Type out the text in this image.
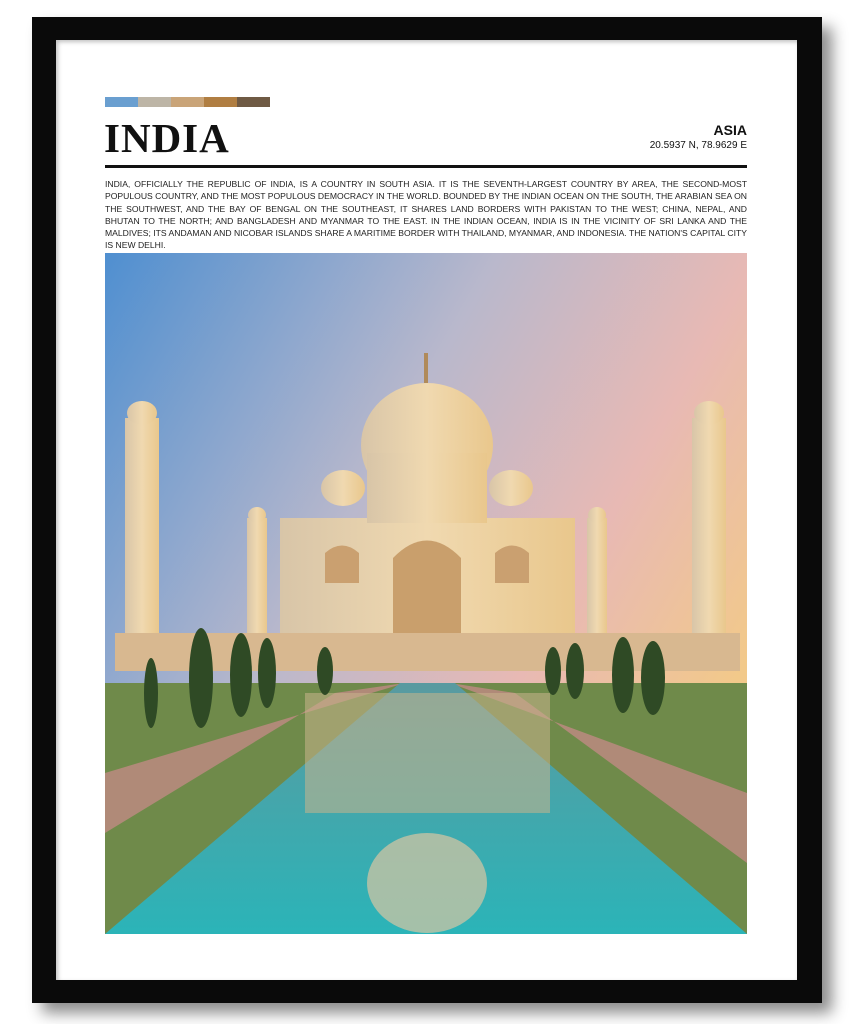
INDIA	ASIA
20.5937 N, 78.9629 E

INDIA, OFFICIALLY THE REPUBLIC OF INDIA, IS A COUNTRY IN SOUTH ASIA. IT IS THE SEVENTH-LARGEST COUNTRY BY AREA, THE SECOND-MOST POPULOUS COUNTRY, AND THE MOST POPULOUS DEMOCRACY IN THE WORLD. BOUNDED BY THE INDIAN OCEAN ON THE SOUTH, THE ARABIAN SEA ON THE SOUTHWEST, AND THE BAY OF BENGAL ON THE SOUTHEAST, IT SHARES LAND BORDERS WITH PAKISTAN TO THE WEST; CHINA, NEPAL, AND BHUTAN TO THE NORTH; AND BANGLADESH AND MYANMAR TO THE EAST. IN THE INDIAN OCEAN, INDIA IS IN THE VICINITY OF SRI LANKA AND THE MALDIVES; ITS ANDAMAN AND NICOBAR ISLANDS SHARE A MARITIME BORDER WITH THAILAND, MYANMAR, AND INDONESIA. THE NATION'S CAPITAL CITY IS NEW DELHI.
